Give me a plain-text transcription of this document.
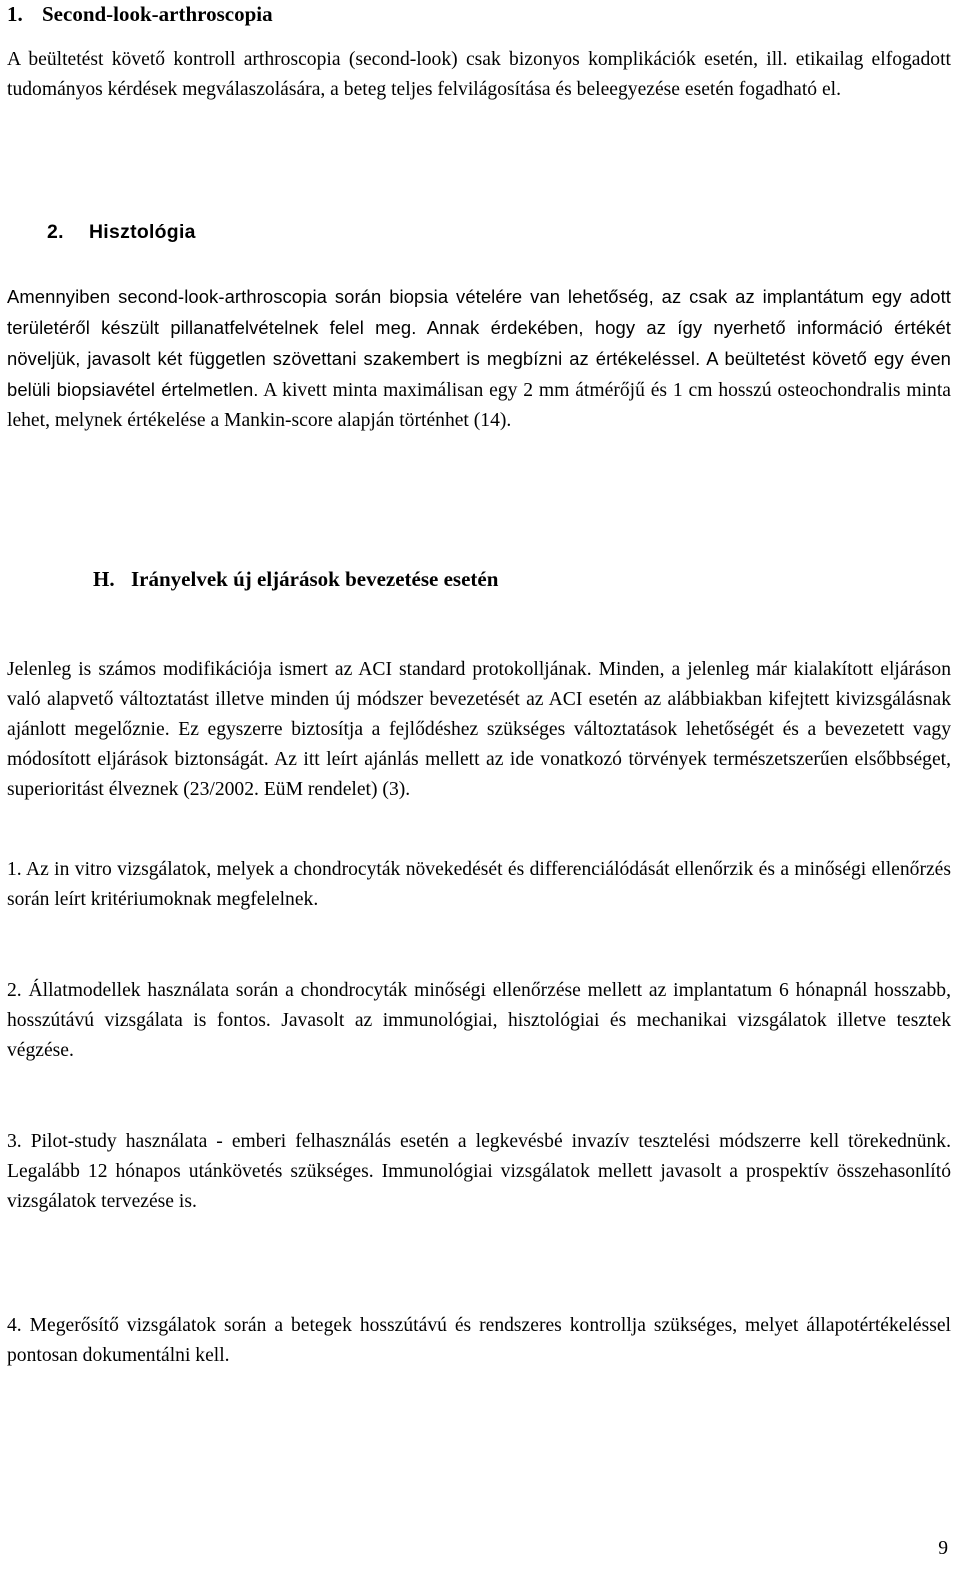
1. Second-look-arthroscopia

A beültetést követő kontroll arthroscopia (second-look) csak bizonyos komplikációk esetén, ill. etikailag elfogadott tudományos kérdések megválaszolására, a beteg teljes felvilágosítása és beleegyezése esetén fogadható el.

2. Hisztológia

Amennyiben second-look-arthroscopia során biopsia vételére van lehetőség, az csak az implantátum egy adott területéről készült pillanatfelvételnek felel meg. Annak érdekében, hogy az így nyerhető információ értékét növeljük, javasolt két független szövettani szakembert is megbízni az értékeléssel. A beültetést követő egy éven belüli biopsiavétel értelmetlen. A kivett minta maximálisan egy 2 mm átmérőjű és 1 cm hosszú osteochondralis minta lehet, melynek értékelése a Mankin-score alapján történhet (14).

H. Irányelvek új eljárások bevezetése esetén

Jelenleg is számos modifikációja ismert az ACI standard protokolljának. Minden, a jelenleg már kialakított eljáráson való alapvető változtatást illetve minden új módszer bevezetését az ACI esetén az alábbiakban kifejtett kivizsgálásnak ajánlott megelőznie. Ez egyszerre biztosítja a fejlődéshez szükséges változtatások lehetőségét és a bevezetett vagy módosított eljárások biztonságát. Az itt leírt ajánlás mellett az ide vonatkozó törvények természetszerűen elsőbbséget, superioritást élveznek (23/2002. EüM rendelet) (3).

1. Az in vitro vizsgálatok, melyek a chondrocyták növekedését és differenciálódását ellenőrzik és a minőségi ellenőrzés során leírt kritériumoknak megfelelnek.

2. Állatmodellek használata során a chondrocyták minőségi ellenőrzése mellett az implantatum 6 hónapnál hosszabb, hosszútávú vizsgálata is fontos. Javasolt az immunológiai, hisztológiai és mechanikai vizsgálatok illetve tesztek végzése.

3. Pilot-study használata - emberi felhasználás esetén a legkevésbé invazív tesztelési módszerre kell törekednünk. Legalább 12 hónapos utánkövetés szükséges. Immunológiai vizsgálatok mellett javasolt a prospektív összehasonlító vizsgálatok tervezése is.

4. Megerősítő vizsgálatok során a betegek hosszútávú és rendszeres kontrollja szükséges, melyet állapotértékeléssel pontosan dokumentálni kell.

9
